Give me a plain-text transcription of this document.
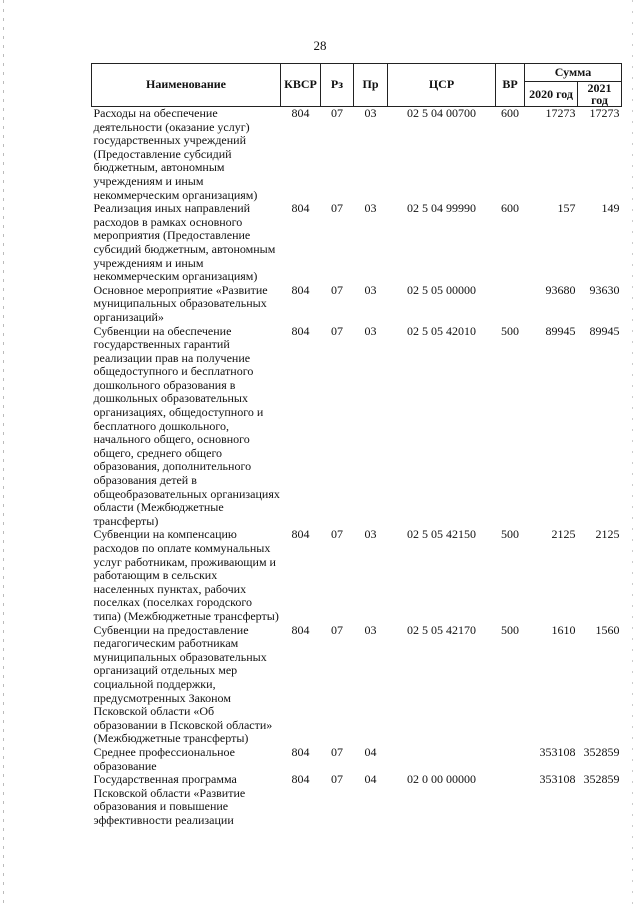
28
Наименование	КВСР	Рз	Пр	ЦСР	ВР	Сумма	
						2020 год	2021 год
Расходы на обеспечение деятельности (оказание услуг) государственных учреждений (Предоставление субсидий бюджетным, автономным учреждениям и иным некоммерческим организациям)	804	07	03	02 5 04 00700	600	17273	17273
Реализация иных направлений расходов в рамках основного мероприятия (Предоставление субсидий бюджетным, автономным учреждениям и иным некоммерческим организациям)	804	07	03	02 5 04 99990	600	157	149
Основное мероприятие «Развитие муниципальных образовательных организаций»	804	07	03	02 5 05 00000		93680	93630
Субвенции на обеспечение государственных гарантий реализации прав на получение общедоступного и бесплатного дошкольного образования в дошкольных образовательных организациях, общедоступного и бесплатного дошкольного, начального общего, основного общего, среднего общего образования, дополнительного образования детей в общеобразовательных организациях области (Межбюджетные трансферты)	804	07	03	02 5 05 42010	500	89945	89945
Субвенции на компенсацию расходов по оплате коммунальных услуг работникам, проживающим и работающим в сельских населенных пунктах, рабочих поселках (поселках городского типа) (Межбюджетные трансферты)	804	07	03	02 5 05 42150	500	2125	2125
Субвенции на предоставление педагогическим работникам муниципальных образовательных организаций отдельных мер социальной поддержки, предусмотренных Законом Псковской области «Об образовании в Псковской области» (Межбюджетные трансферты)	804	07	03	02 5 05 42170	500	1610	1560
Среднее профессиональное образование	804	07	04			353108	352859
Государственная программа Псковской области «Развитие образования и повышение эффективности реализации	804	07	04	02 0 00 00000		353108	352859
